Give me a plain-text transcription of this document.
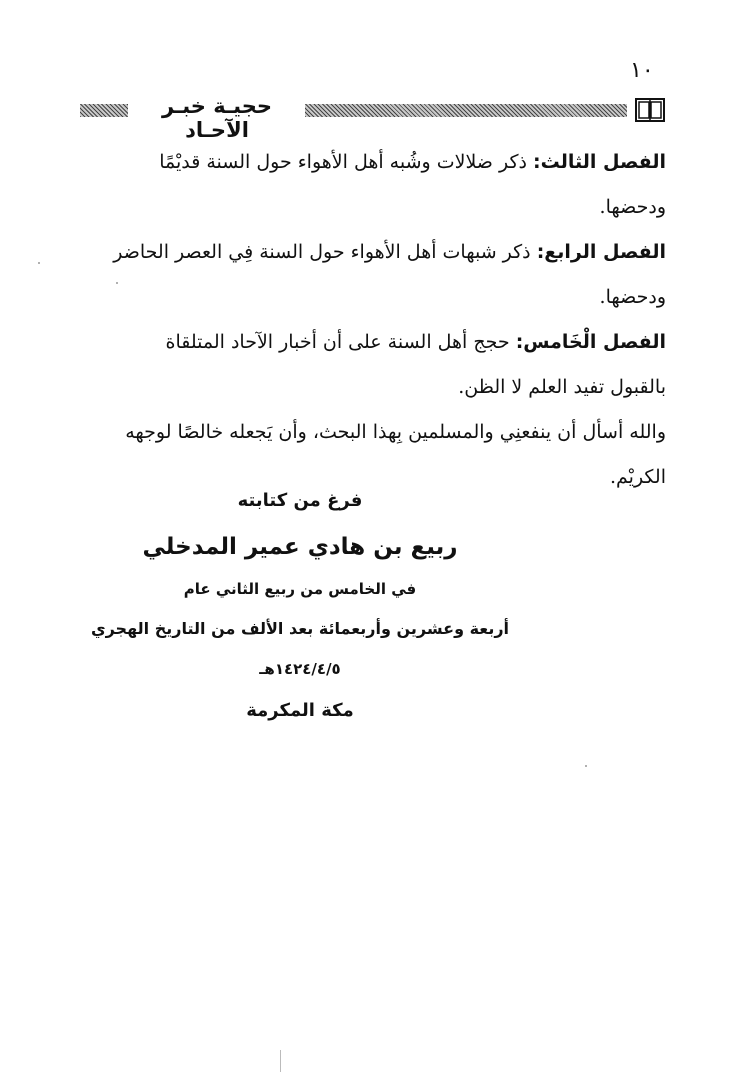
١٠
حجيـة خبـر الآحـاد

الفصل الثالث: ذكر ضلالات وشُبه أهل الأهواء حول السنة قديْمًا ودحضها.

الفصل الرابع: ذكر شبهات أهل الأهواء حول السنة فِي العصر الحاضر ودحضها.

الفصل الْخَامس: حجج أهل السنة على أن أخبار الآحاد المتلقاة بالقبول تفيد العلم لا الظن.

والله أسأل أن ينفعنِي والمسلمين بِهذا البحث، وأن يَجعله خالصًا لوجهه الكريْم.

فرغ من كتابته
ربيع بن هادي عمير المدخلي
في الخامس من ربيع الثاني عام
أربعة وعشرين وأربعمائة بعد الألف من التاريخ الهجري
١٤٢٤/٤/٥هـ
مكة المكرمة
